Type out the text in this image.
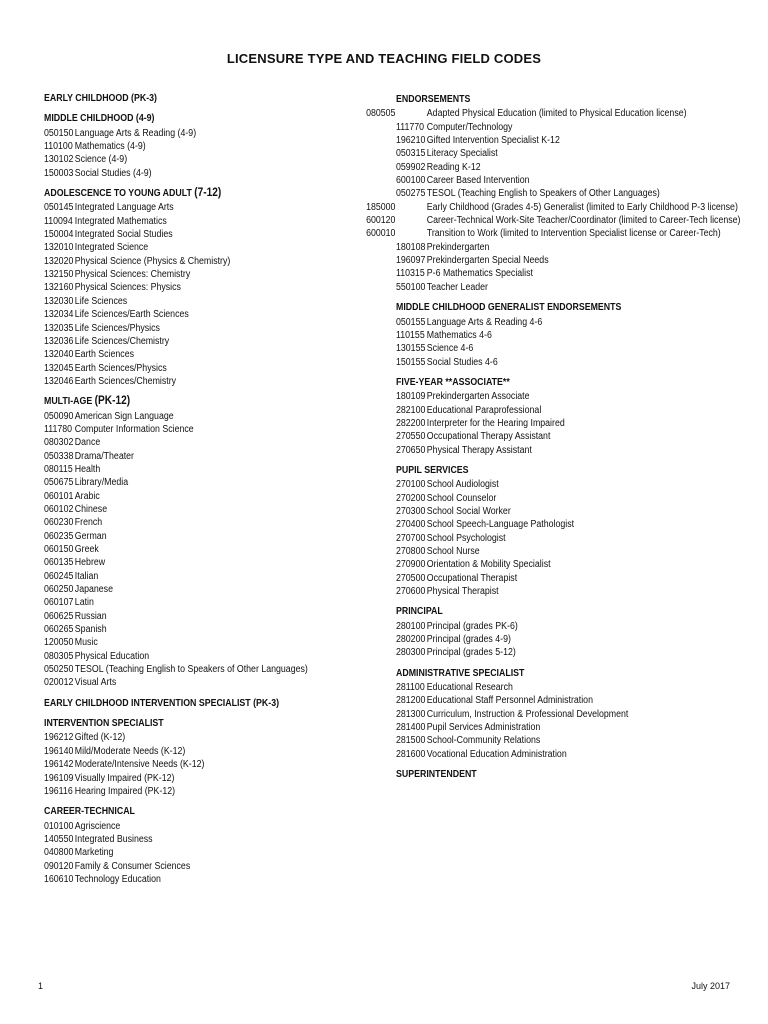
LICENSURE TYPE AND TEACHING FIELD CODES
EARLY CHILDHOOD (PK-3)
MIDDLE CHILDHOOD (4-9)
050150Language Arts & Reading (4-9)
110100 Mathematics (4-9)
130102Science (4-9)
150003Social Studies (4-9)
ADOLESCENCE TO YOUNG ADULT (7-12)
050145Integrated Language Arts
110094 Integrated Mathematics
150004Integrated Social Studies
132010Integrated Science
132020Physical Science (Physics & Chemistry)
132150Physical Sciences: Chemistry
132160Physical Sciences: Physics
132030Life Sciences
132034Life Sciences/Earth Sciences
132035Life Sciences/Physics
132036Life Sciences/Chemistry
132040Earth Sciences
132045Earth Sciences/Physics
132046Earth Sciences/Chemistry
MULTI-AGE (PK-12)
050090American Sign Language
111780 Computer Information Science
080302Dance
050338Drama/Theater
080115 Health
050675Library/Media
060101Arabic
060102Chinese
060230French
060235German
060150Greek
060135Hebrew
060245Italian
060250Japanese
060107Latin
060625Russian
060265Spanish
120050Music
080305Physical Education
050250TESOL (Teaching English to Speakers of Other Languages)
020012Visual Arts
EARLY CHILDHOOD INTERVENTION SPECIALIST (PK-3)
INTERVENTION SPECIALIST
196212Gifted (K-12)
196140Mild/Moderate Needs (K-12)
196142Moderate/Intensive Needs (K-12)
196109Visually Impaired (PK-12)
196116 Hearing Impaired (PK-12)
CAREER-TECHNICAL
010100Agriscience
140550Integrated Business
040800Marketing
090120Family & Consumer Sciences
160610Technology Education
ENDORSEMENTS
080505	Adapted Physical Education (limited to Physical Education license)
111770 Computer/Technology
196210Gifted Intervention Specialist K-12
050315Literacy Specialist
059902Reading K-12
600100Career Based Intervention
050275TESOL (Teaching English to Speakers of Other Languages)
185000	Early Childhood (Grades 4-5) Generalist (limited to Early Childhood P-3 license)
600120	Career-Technical Work-Site Teacher/Coordinator (limited to Career-Tech license)
600010	Transition to Work (limited to Intervention Specialist license or Career-Tech)
180108Prekindergarten
196097Prekindergarten Special Needs
110315 P-6 Mathematics Specialist
550100Teacher Leader
MIDDLE CHILDHOOD GENERALIST ENDORSEMENTS
050155Language Arts & Reading 4-6
110155 Mathematics 4-6
130155Science 4-6
150155Social Studies 4-6
FIVE-YEAR **ASSOCIATE**
180109Prekindergarten Associate
282100Educational Paraprofessional
282200Interpreter for the Hearing Impaired
270550Occupational Therapy Assistant
270650Physical Therapy Assistant
PUPIL SERVICES
270100School Audiologist
270200School Counselor
270300School Social Worker
270400School Speech-Language Pathologist
270700School Psychologist
270800School Nurse
270900Orientation & Mobility Specialist
270500Occupational Therapist
270600Physical Therapist
PRINCIPAL
280100Principal (grades PK-6)
280200Principal (grades 4-9)
280300Principal (grades 5-12)
ADMINISTRATIVE SPECIALIST
281100 Educational Research
281200Educational Staff Personnel Administration
281300Curriculum, Instruction & Professional Development
281400Pupil Services Administration
281500School-Community Relations
281600Vocational Education Administration
SUPERINTENDENT
1	July 2017
